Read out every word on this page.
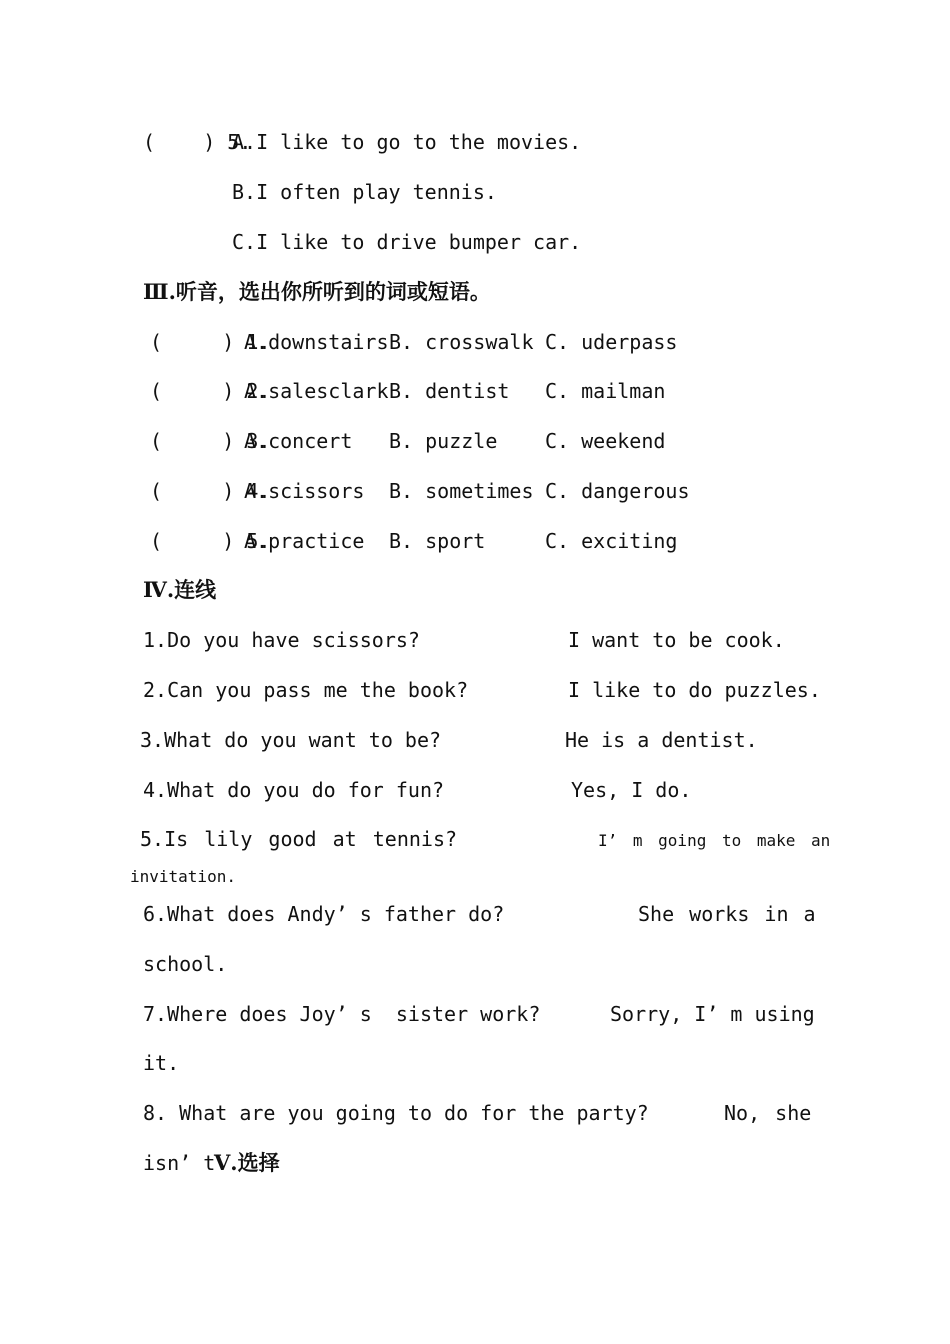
(    ) 5.
A.I like to go to the movies.
B.I often play tennis.
C.I like to drive bumper car.
Ⅲ.听音，选出你所听到的词或短语。
(     ) 1.
A.downstairs B. crosswalk C. uderpass
(     ) 2.
A.salesclark B. dentist C. mailman
(     ) 3.
A.concert B. puzzle C. weekend
(     ) 4.
A.scissors B. sometimes C. dangerous
(     ) 5.
A.practice B. sport	C. exciting
Ⅳ.连线
1.Do you have scissors?	I want to be cook.
2.Can you pass me the book?	I like to do puzzles.
3.What do you want to be?	He is a dentist.
4.What do you do for fun?	Yes, I do.
5.Is lily good at tennis?	I’ m going to make an
invitation.
6.What does Andy’ s father do?	She works in a
school.
7.Where does Joy’ s  sister work?	Sorry, I’ m using
it.
8. What are you going to do for the party?	No, she
isn’ t
Ⅴ.选择
